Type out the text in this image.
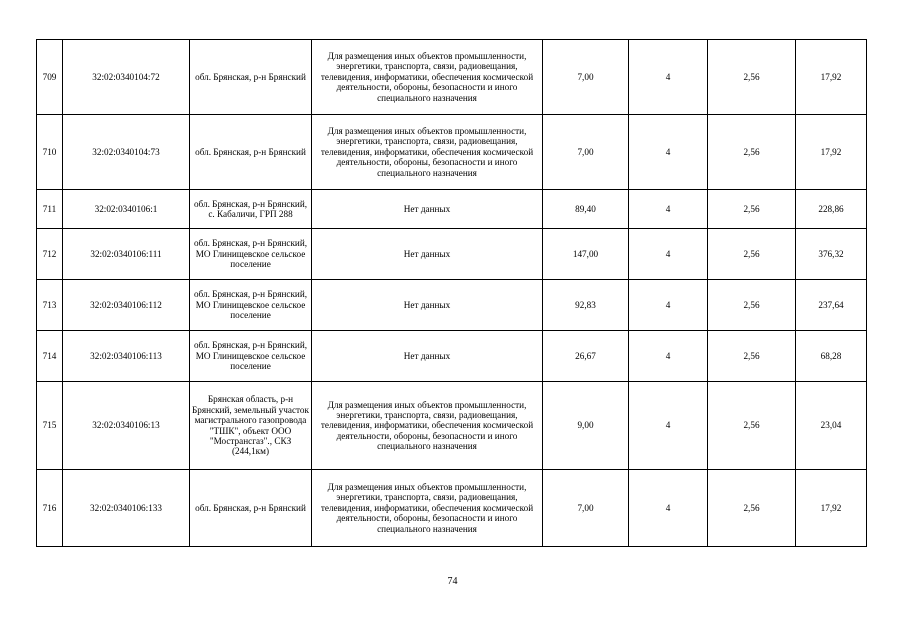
709	32:02:0340104:72	обл. Брянская, р-н Брянский	Для размещения иных объектов промышленности, энергетики, транспорта, связи, радиовещания, телевидения, информатики, обеспечения космической деятельности, обороны, безопасности и иного специального назначения	7,00	4	2,56	17,92
710	32:02:0340104:73	обл. Брянская, р-н Брянский	Для размещения иных объектов промышленности, энергетики, транспорта, связи, радиовещания, телевидения, информатики, обеспечения космической деятельности, обороны, безопасности и иного специального назначения	7,00	4	2,56	17,92
711	32:02:0340106:1	обл. Брянская, р-н Брянский, с. Кабаличи, ГРП 288	Нет данных	89,40	4	2,56	228,86
712	32:02:0340106:111	обл. Брянская, р-н Брянский, МО Глинищевское сельское поселение	Нет данных	147,00	4	2,56	376,32
713	32:02:0340106:112	обл. Брянская, р-н Брянский, МО Глинищевское сельское поселение	Нет данных	92,83	4	2,56	237,64
714	32:02:0340106:113	обл. Брянская, р-н Брянский, МО Глинищевское сельское поселение	Нет данных	26,67	4	2,56	68,28
715	32:02:0340106:13	Брянская область, р-н Брянский, земельный участок магистрального газопровода "ТШК", объект ООО "Мострансгаз"., СКЗ (244,1км)	Для размещения иных объектов промышленности, энергетики, транспорта, связи, радиовещания, телевидения, информатики, обеспечения космической деятельности, обороны, безопасности и иного специального назначения	9,00	4	2,56	23,04
716	32:02:0340106:133	обл. Брянская, р-н Брянский	Для размещения иных объектов промышленности, энергетики, транспорта, связи, радиовещания, телевидения, информатики, обеспечения космической деятельности, обороны, безопасности и иного специального назначения	7,00	4	2,56	17,92
74
